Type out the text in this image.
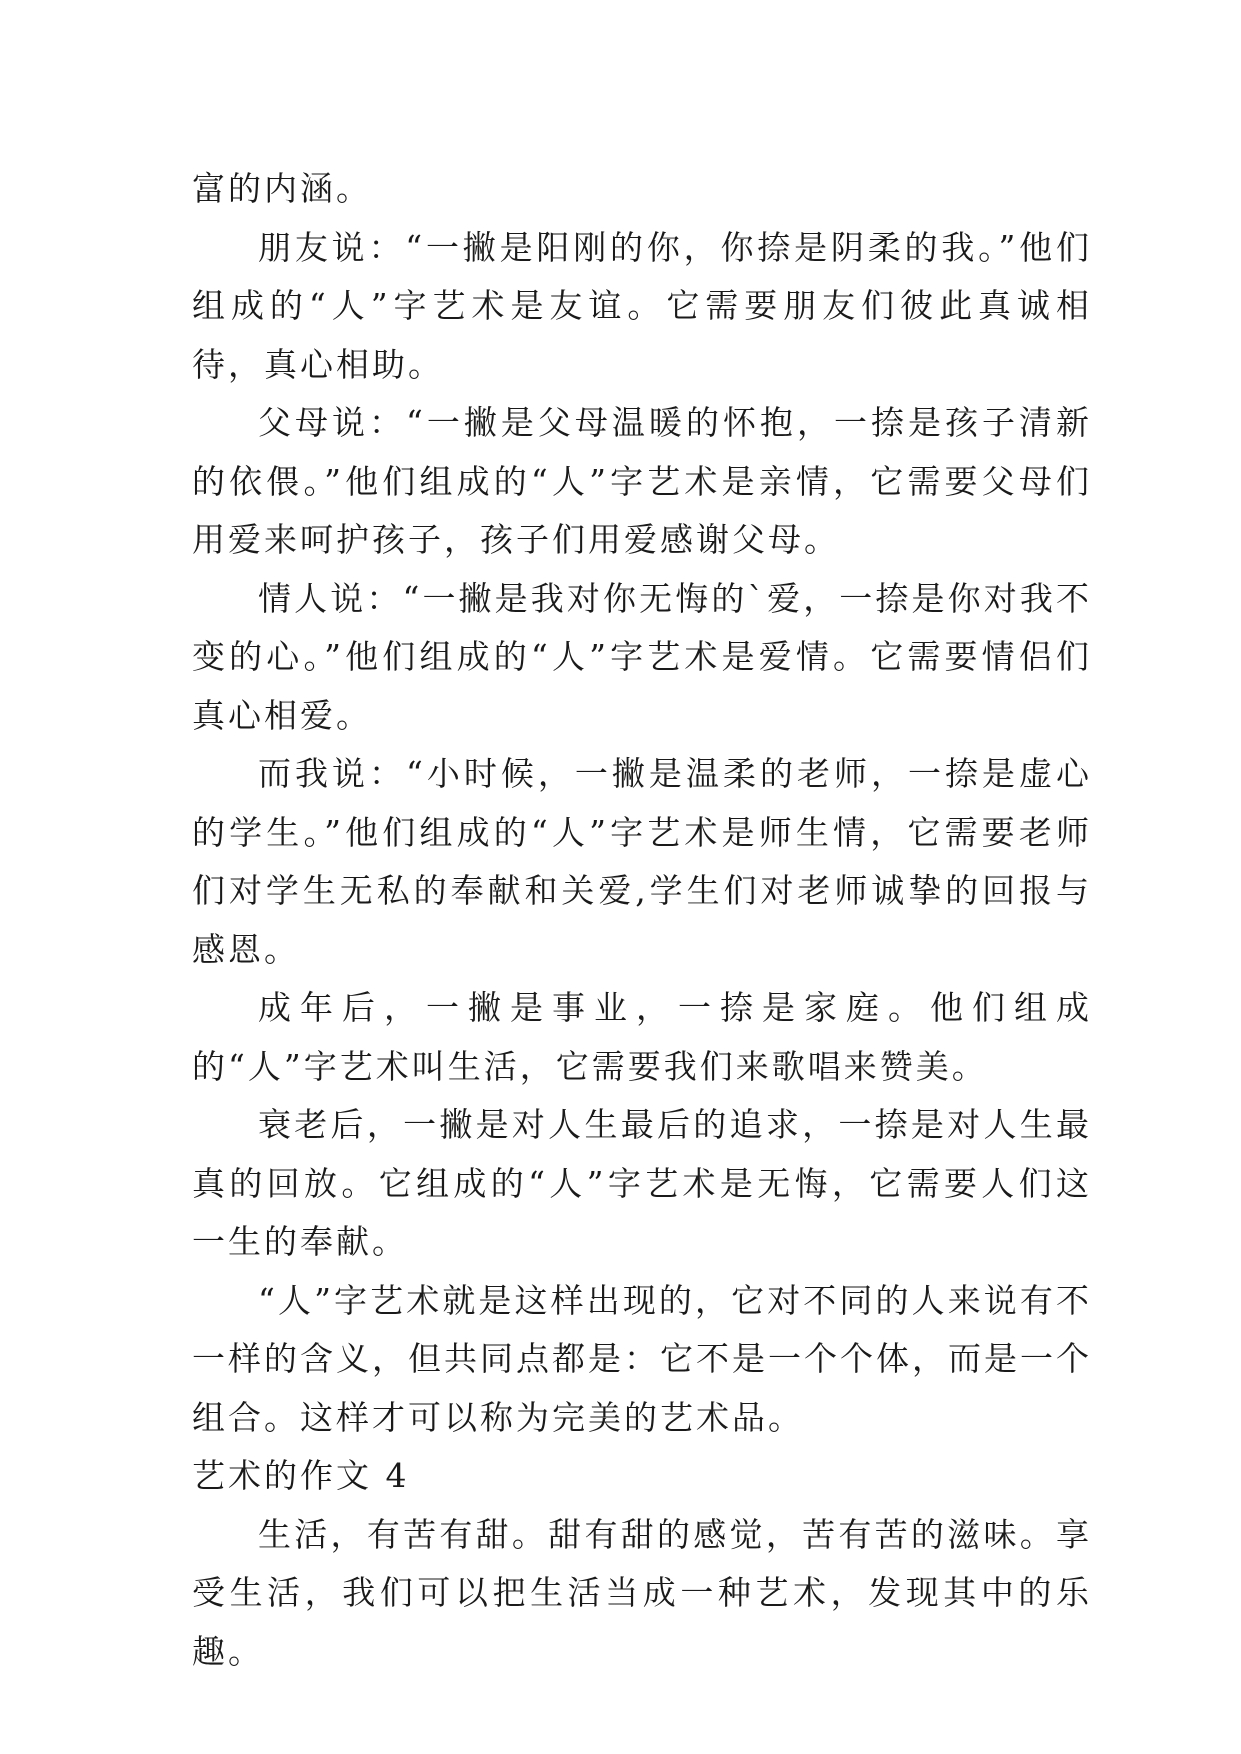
富的内涵。

朋友说：“一撇是阳刚的你，你捺是阴柔的我。”他们组成的“人”字艺术是友谊。它需要朋友们彼此真诚相待，真心相助。

父母说：“一撇是父母温暖的怀抱，一捺是孩子清新的依偎。”他们组成的“人”字艺术是亲情，它需要父母们用爱来呵护孩子，孩子们用爱感谢父母。

情人说：“一撇是我对你无悔的`爱，一捺是你对我不变的心。”他们组成的“人”字艺术是爱情。它需要情侣们真心相爱。

而我说：“小时候，一撇是温柔的老师，一捺是虚心的学生。”他们组成的“人”字艺术是师生情，它需要老师们对学生无私的奉献和关爱,学生们对老师诚挚的回报与感恩。

成年后，一撇是事业，一捺是家庭。他们组成的“人”字艺术叫生活，它需要我们来歌唱来赞美。

衰老后，一撇是对人生最后的追求，一捺是对人生最真的回放。它组成的“人”字艺术是无悔，它需要人们这一生的奉献。

“人”字艺术就是这样出现的，它对不同的人来说有不一样的含义，但共同点都是：它不是一个个体，而是一个组合。这样才可以称为完美的艺术品。

艺术的作文 4

生活，有苦有甜。甜有甜的感觉，苦有苦的滋味。享受生活，我们可以把生活当成一种艺术，发现其中的乐趣。
